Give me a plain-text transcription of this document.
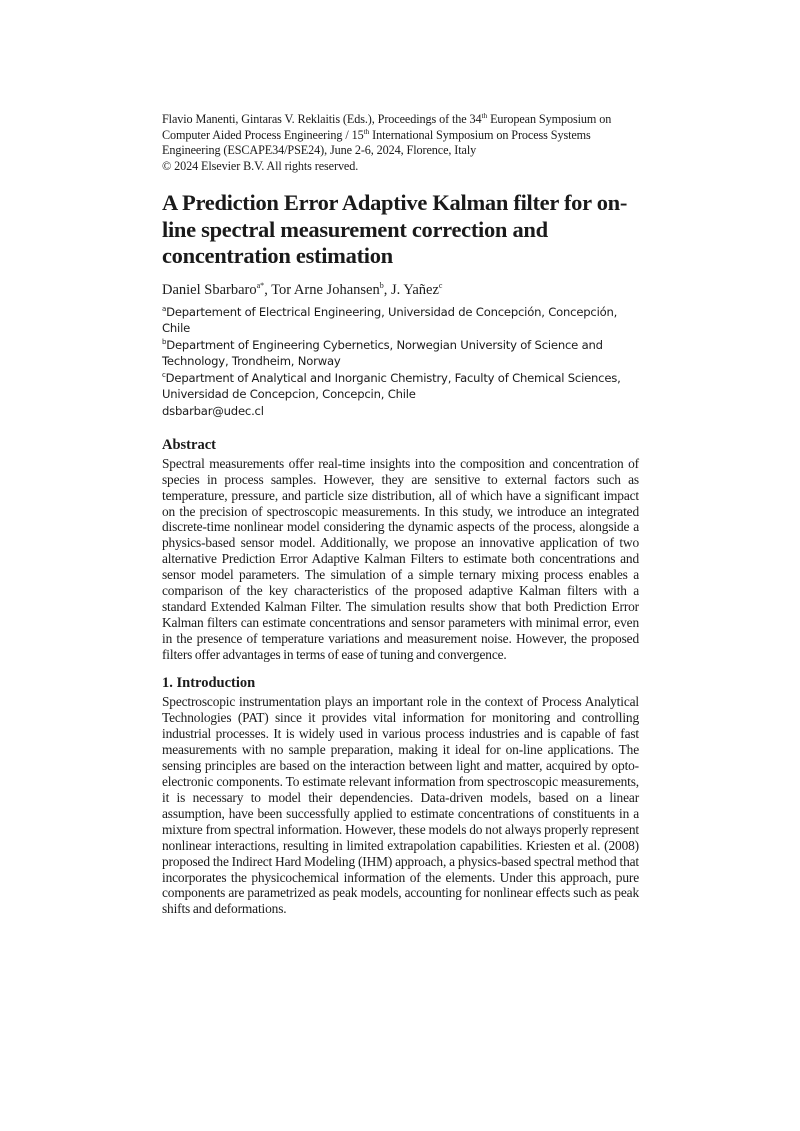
Flavio Manenti, Gintaras V. Reklaitis (Eds.), Proceedings of the 34th European Symposium on Computer Aided Process Engineering / 15th International Symposium on Process Systems Engineering (ESCAPE34/PSE24), June 2-6, 2024, Florence, Italy
© 2024 Elsevier B.V. All rights reserved.
A Prediction Error Adaptive Kalman filter for on-line spectral measurement correction and concentration estimation
Daniel Sbarbaro$^{a*}$, Tor Arne Johansen$^b$, J. Yañez$^c$

$^a$Departement of Electrical Engineering, Universidad de Concepción, Concepción, Chile

$^b$Department of Engineering Cybernetics, Norwegian University of Science and Technology, Trondheim, Norway

$^c$Department of Analytical and Inorganic Chemistry, Faculty of Chemical Sciences, Universidad de Concepcion, Concepcin, Chile

dsbarbar@udec.cl

Abstract

Spectral measurements offer real-time insights into the composition and concentration of species in process samples. However, they are sensitive to external factors such as temperature, pressure, and particle size distribution, all of which have a significant impact on the precision of spectroscopic measurements. In this study, we introduce an integrated discrete-time nonlinear model considering the dynamic aspects of the process, alongside a physics-based sensor model. Additionally, we propose an innovative application of two alternative Prediction Error Adaptive Kalman Filters to estimate both concentrations and sensor model parameters. The simulation of a simple ternary mixing process enables a comparison of the key characteristics of the proposed adaptive Kalman filters with a standard Extended Kalman Filter. The simulation results show that both Prediction Error Kalman filters can estimate concentrations and sensor parameters with minimal error, even in the presence of temperature variations and measurement noise. However, the proposed filters offer advantages in terms of ease of tuning and convergence.

1. Introduction

Spectroscopic instrumentation plays an important role in the context of Process Analytical Technologies (PAT) since it provides vital information for monitoring and controlling industrial processes. It is widely used in various process industries and is capable of fast measurements with no sample preparation, making it ideal for on-line applications. The sensing principles are based on the interaction between light and matter, acquired by opto-electronic components. To estimate relevant information from spectroscopic measurements, it is necessary to model their dependencies. Data-driven models, based on a linear assumption, have been successfully applied to estimate concentrations of constituents in a mixture from spectral information. However, these models do not always properly represent nonlinear interactions, resulting in limited extrapolation capabilities. Kriesten et al. (2008) proposed the Indirect Hard Modeling (IHM) approach, a physics-based spectral method that incorporates the physicochemical information of the elements. Under this approach, pure components are parametrized as peak models, accounting for nonlinear effects such as peak shifts and deformations.
